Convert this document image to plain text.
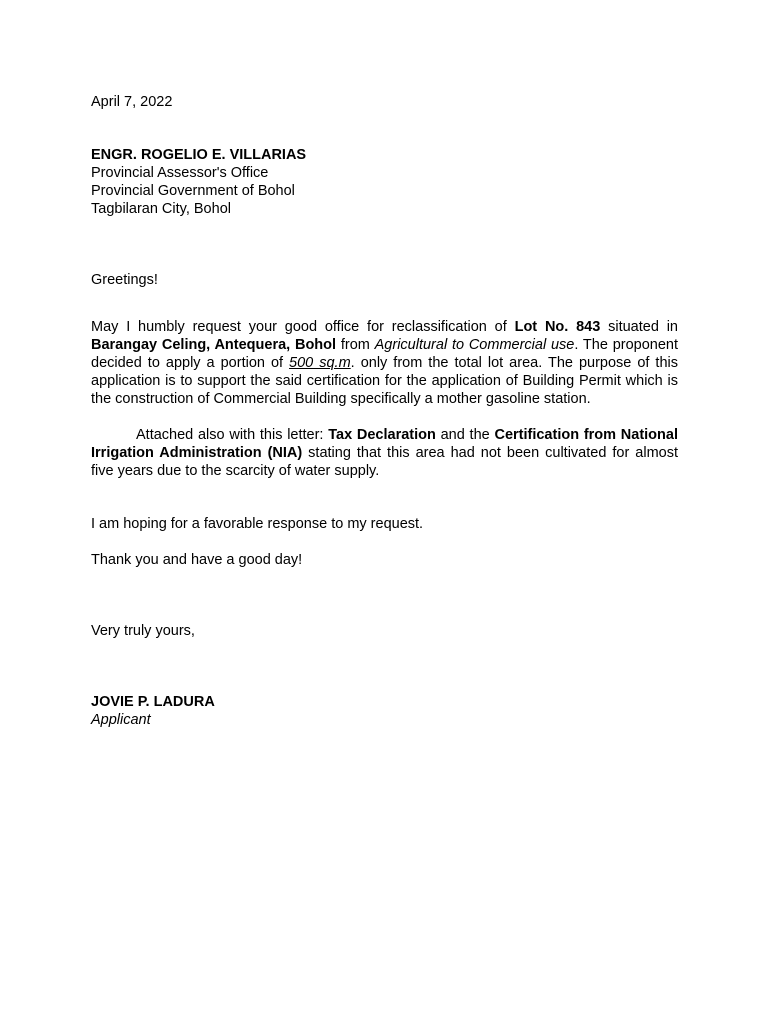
April 7, 2022
ENGR. ROGELIO E. VILLARIAS
Provincial Assessor's Office
Provincial Government of Bohol
Tagbilaran City, Bohol
Greetings!

May I humbly request your good office for reclassification of Lot No. 843 situated in Barangay Celing, Antequera, Bohol from Agricultural to Commercial use. The proponent decided to apply a portion of 500 sq.m. only from the total lot area. The purpose of this application is to support the said certification for the application of Building Permit which is the construction of Commercial Building specifically a mother gasoline station.

Attached also with this letter: Tax Declaration and the Certification from National Irrigation Administration (NIA) stating that this area had not been cultivated for almost five years due to the scarcity of water supply.

I am hoping for a favorable response to my request.
Thank you and have a good day!
Very truly yours,
JOVIE P. LADURA
Applicant
